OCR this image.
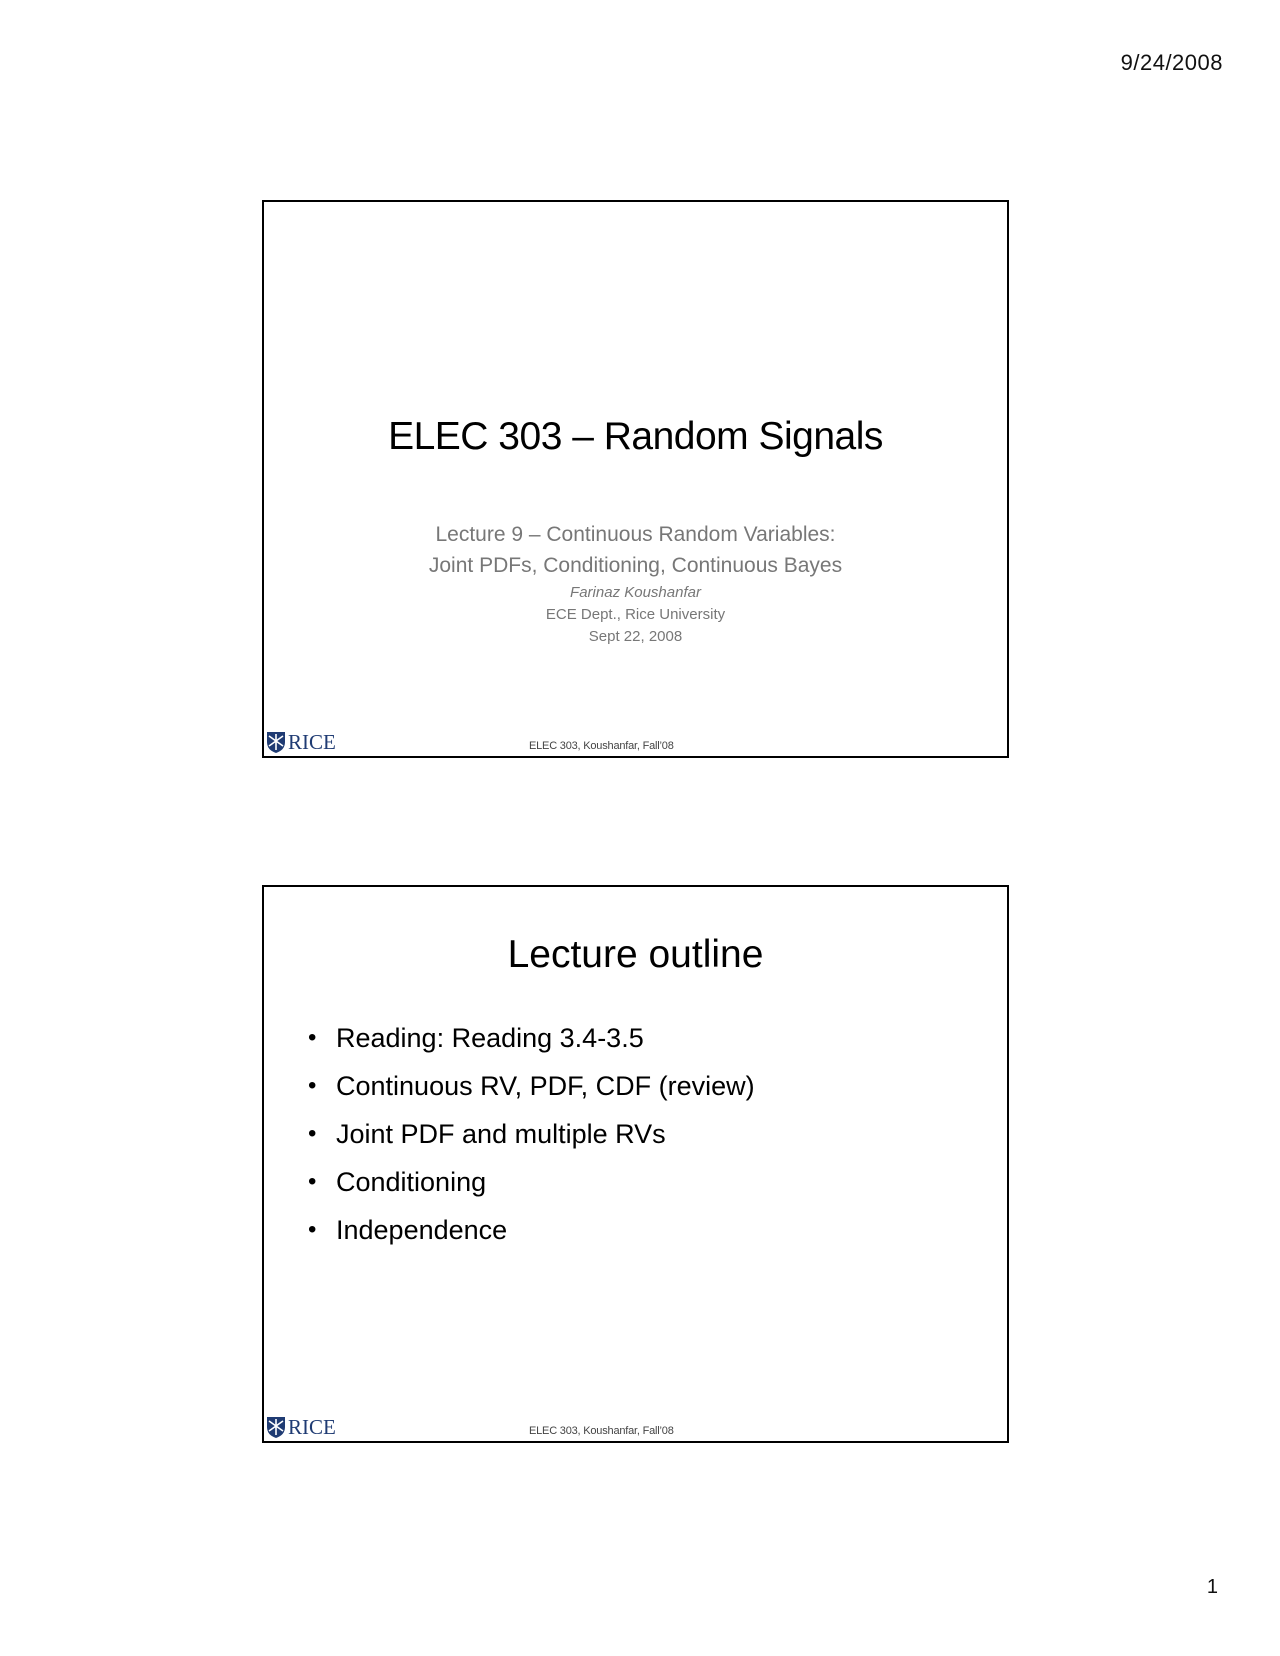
9/24/2008
ELEC 303 – Random Signals
Lecture 9 – Continuous Random Variables:
Joint PDFs, Conditioning, Continuous Bayes
Farinaz Koushanfar
ECE Dept., Rice University
Sept 22, 2008
RICE	ELEC 303, Koushanfar, Fall’08
Lecture outline
• Reading: Reading 3.4-3.5
• Continuous RV, PDF, CDF (review)
• Joint PDF and multiple RVs
• Conditioning
• Independence
RICE	ELEC 303, Koushanfar, Fall’08
1
